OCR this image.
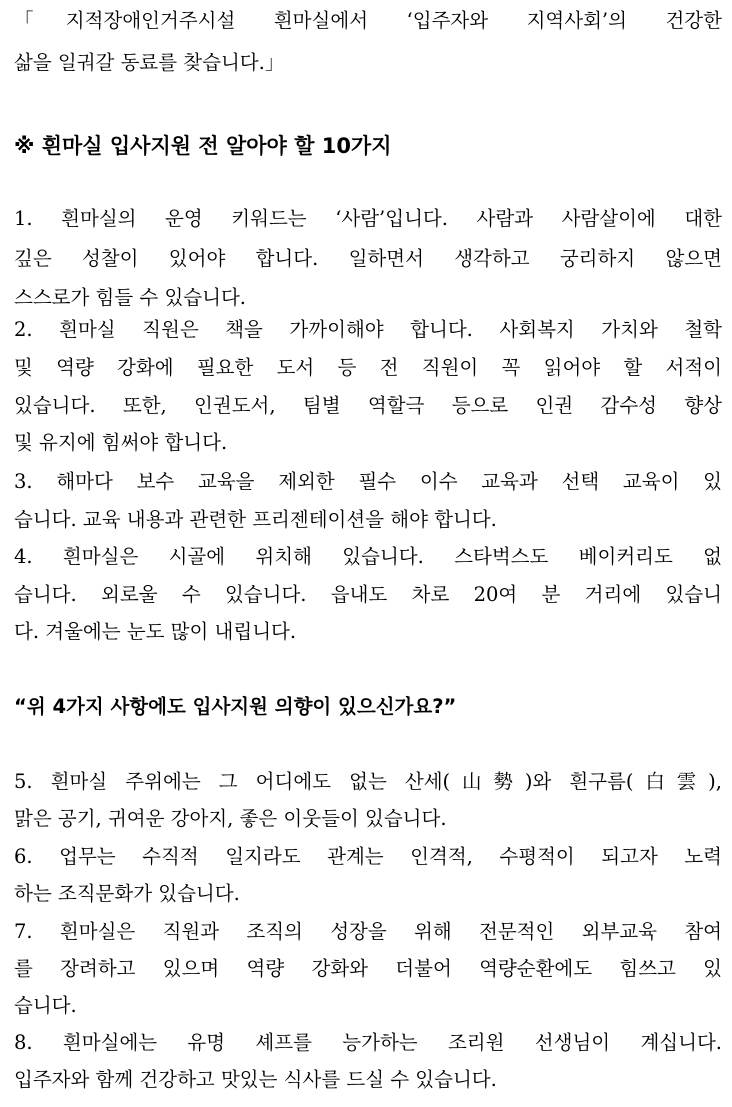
「지적장애인거주시설 흰마실에서 ‘입주자와 지역사회’의 건강한
삶을 일궈갈 동료를 찾습니다.」
※ 흰마실 입사지원 전 알아야 할 10가지
1. 흰마실의 운영 키워드는 ‘사람’입니다. 사람과 사람살이에 대한
깊은 성찰이 있어야 합니다. 일하면서 생각하고 궁리하지 않으면
스스로가 힘들 수 있습니다.
2. 흰마실 직원은 책을 가까이해야 합니다. 사회복지 가치와 철학
및 역량 강화에 필요한 도서 등 전 직원이 꼭 읽어야 할 서적이
있습니다. 또한, 인권도서, 팀별 역할극 등으로 인권 감수성 향상
및 유지에 힘써야 합니다.
3. 해마다 보수 교육을 제외한 필수 이수 교육과 선택 교육이 있
습니다. 교육 내용과 관련한 프리젠테이션을 해야 합니다.
4. 흰마실은 시골에 위치해 있습니다. 스타벅스도 베이커리도 없
습니다. 외로울 수 있습니다. 읍내도 차로 20여 분 거리에 있습니
다. 겨울에는 눈도 많이 내립니다.
“위 4가지 사항에도 입사지원 의향이 있으신가요?”
5. 흰마실 주위에는 그 어디에도 없는 산세(山勢)와 흰구름(白雲),
맑은 공기, 귀여운 강아지, 좋은 이웃들이 있습니다.
6. 업무는 수직적 일지라도 관계는 인격적, 수평적이 되고자 노력
하는 조직문화가 있습니다.
7. 흰마실은 직원과 조직의 성장을 위해 전문적인 외부교육 참여
를 장려하고 있으며 역량 강화와 더불어 역량순환에도 힘쓰고 있
습니다.
8. 흰마실에는 유명 셰프를 능가하는 조리원 선생님이 계십니다.
입주자와 함께 건강하고 맛있는 식사를 드실 수 있습니다.
